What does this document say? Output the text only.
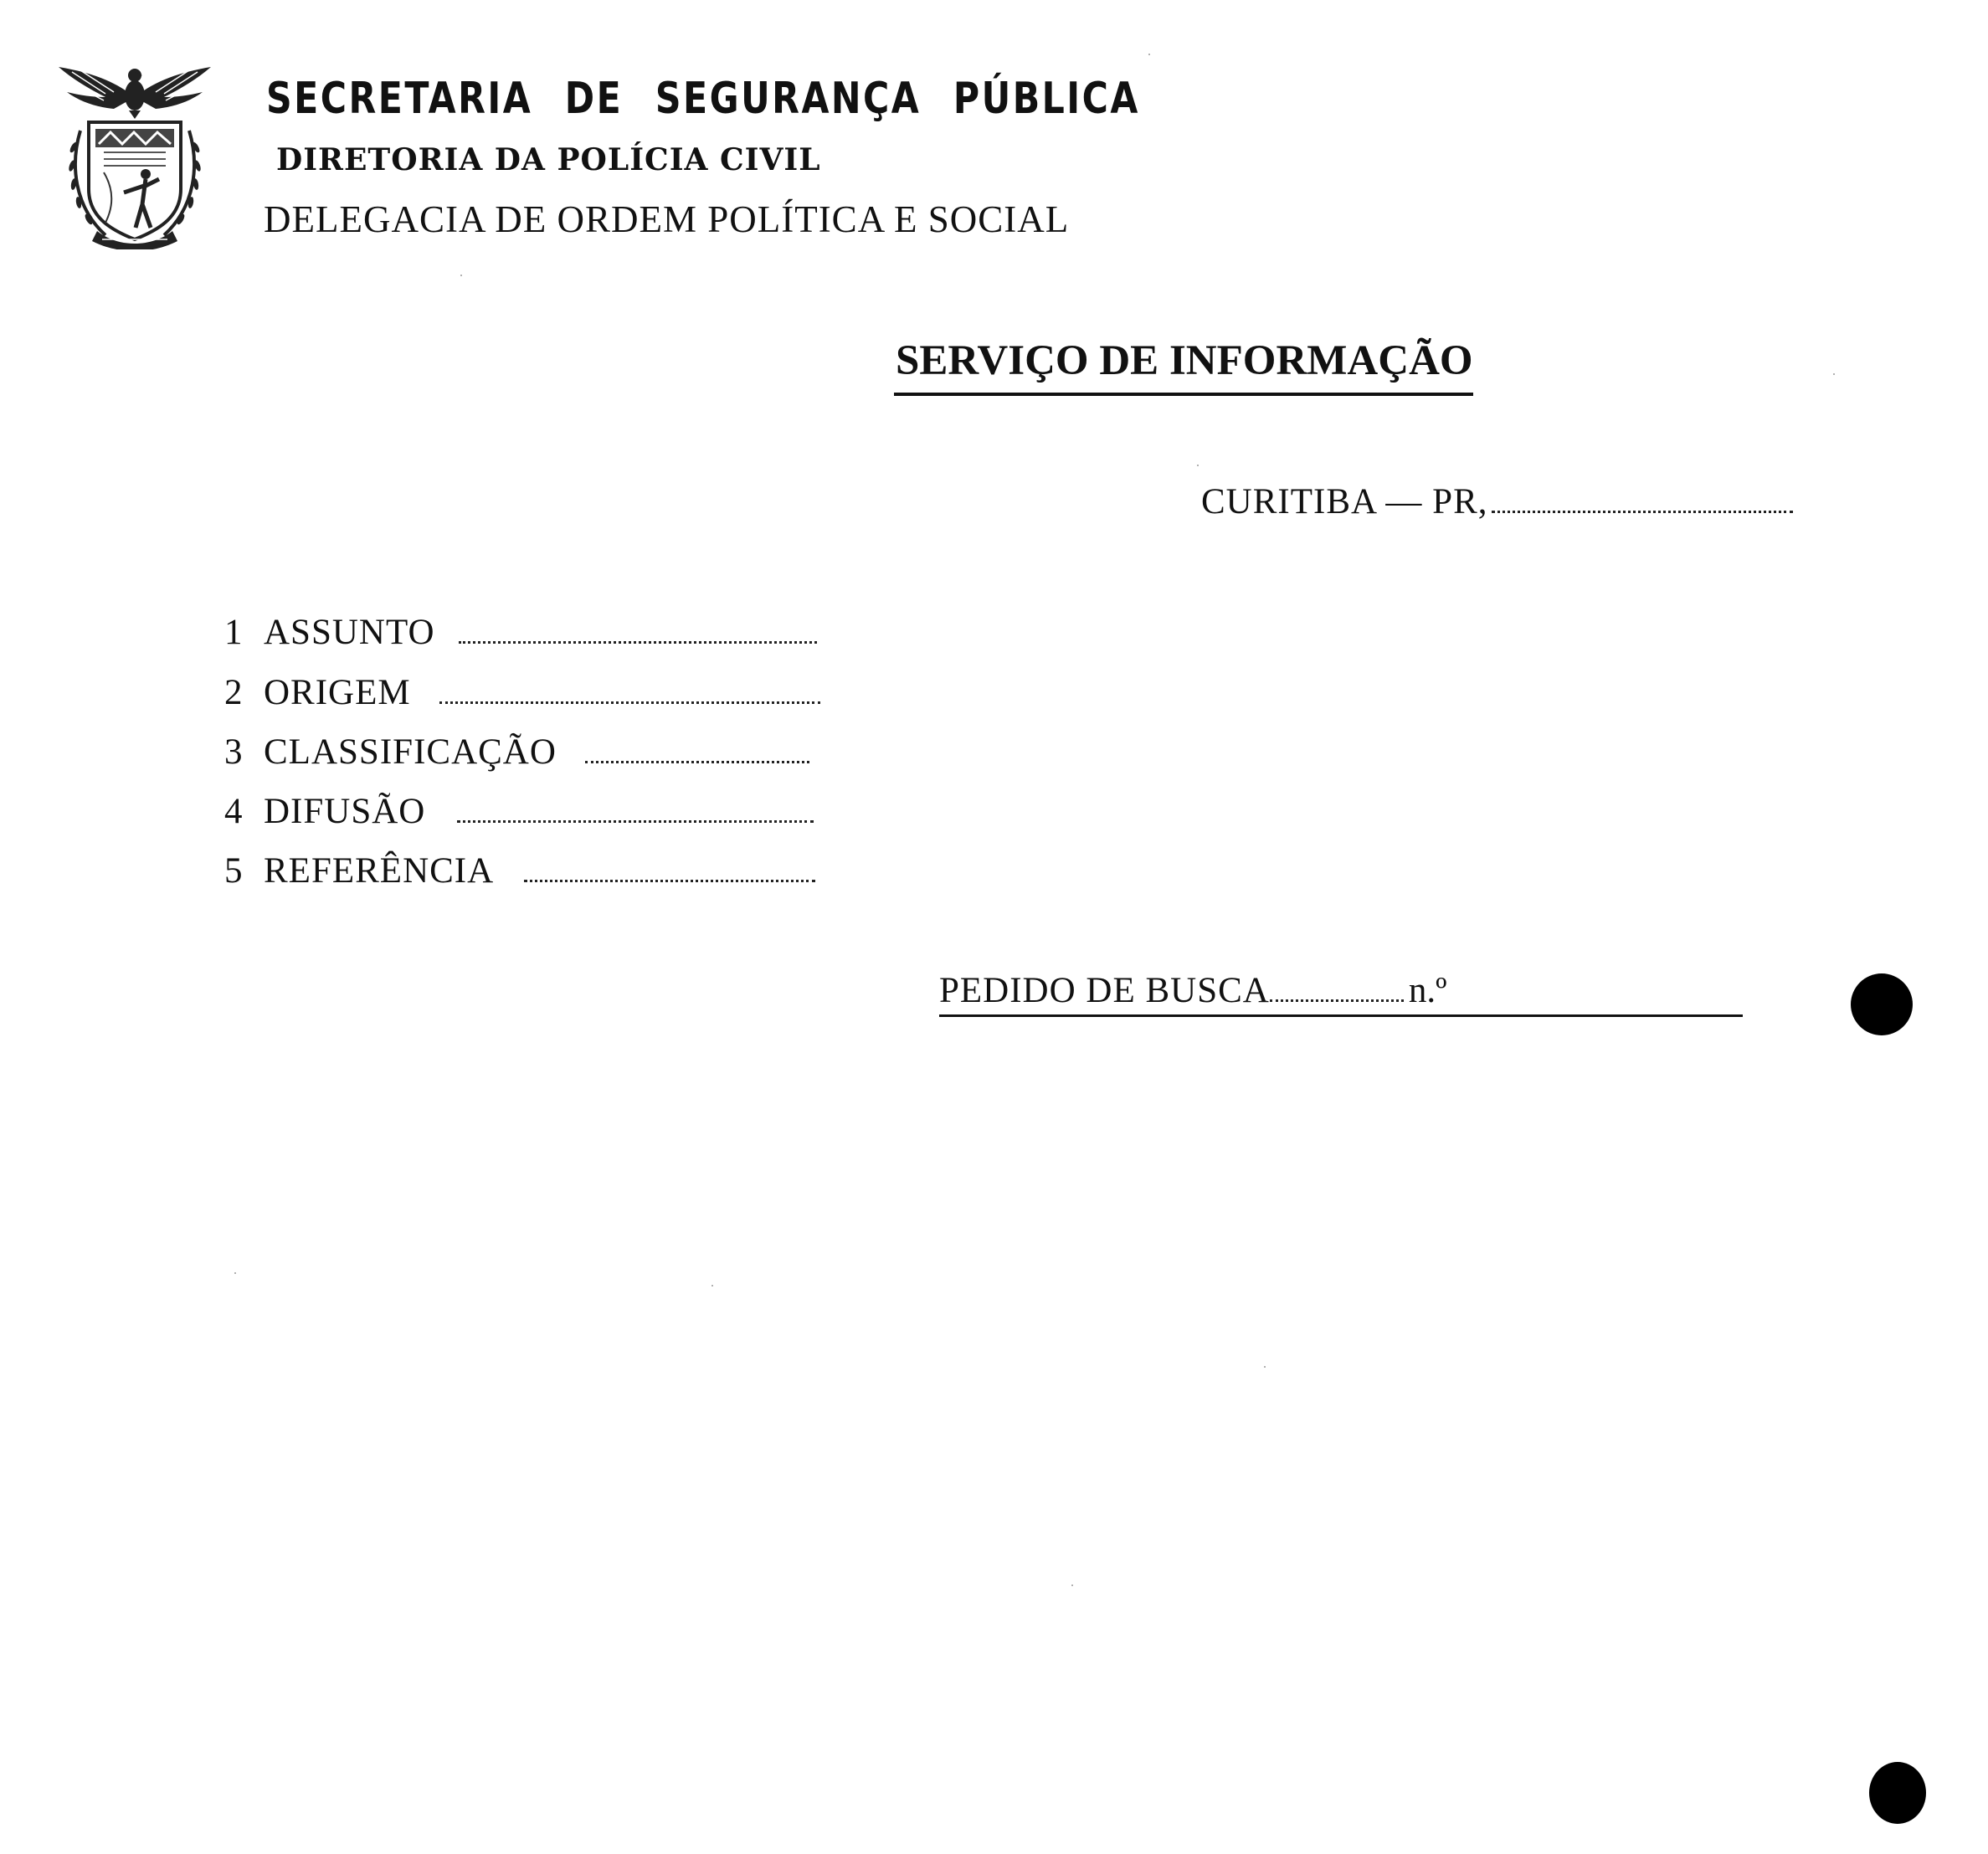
SECRETARIA DE SEGURANÇA PÚBLICA
DIRETORIA DA POLÍCIA CIVIL
DELEGACIA DE ORDEM POLÍTICA E SOCIAL
SERVIÇO DE INFORMAÇÃO
CURITIBA — PR,
1 ASSUNTO
2 ORIGEM
3 CLASSIFICAÇÃO
4 DIFUSÃO
5 REFERÊNCIA
PEDIDO DE BUSCA	n.º
